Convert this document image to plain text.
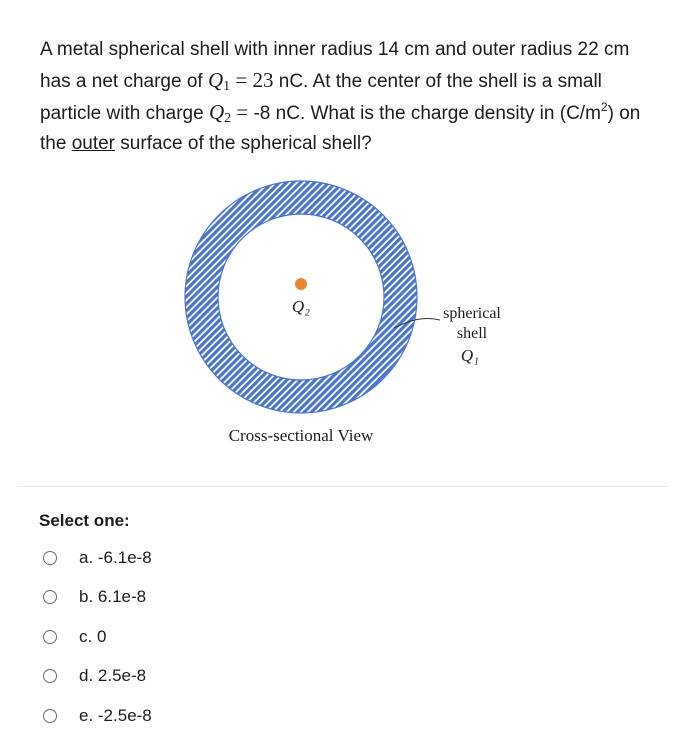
A metal spherical shell with inner radius 14 cm and outer radius 22 cm has a net charge of $Q_1 = 23$ nC. At the center of the shell is a small particle with charge $Q_2 = -8$ nC. What is the charge density in $(C/m^2)$ on the outer surface of the spherical shell?

Q₂	spherical
shell
Q₁
Cross-sectional View
Select one:
a. -6.1e-8
b. 6.1e-8
c. 0
d. 2.5e-8
e. -2.5e-8
